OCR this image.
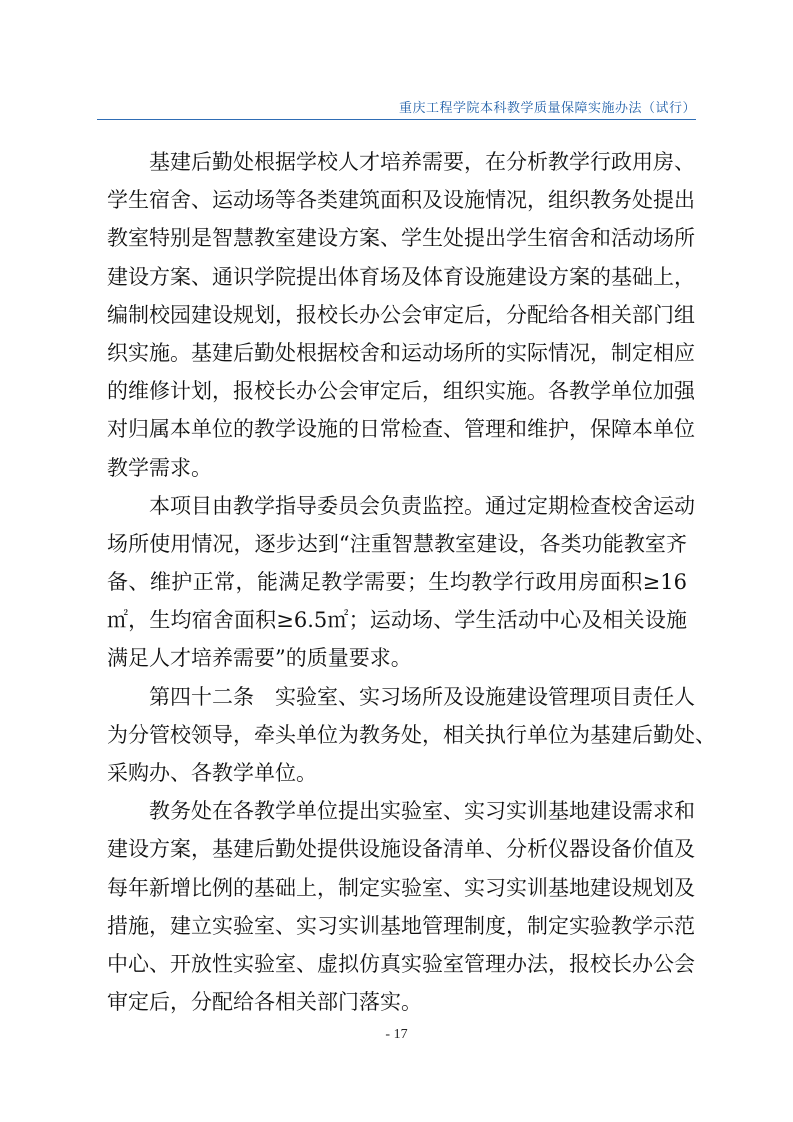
重庆工程学院本科教学质量保障实施办法（试行）
基建后勤处根据学校人才培养需要，在分析教学行政用房、
学生宿舍、运动场等各类建筑面积及设施情况，组织教务处提出
教室特别是智慧教室建设方案、学生处提出学生宿舍和活动场所
建设方案、通识学院提出体育场及体育设施建设方案的基础上，
编制校园建设规划，报校长办公会审定后，分配给各相关部门组
织实施。基建后勤处根据校舍和运动场所的实际情况，制定相应
的维修计划，报校长办公会审定后，组织实施。各教学单位加强
对归属本单位的教学设施的日常检查、管理和维护，保障本单位
教学需求。
本项目由教学指导委员会负责监控。通过定期检查校舍运动
场所使用情况，逐步达到“注重智慧教室建设，各类功能教室齐
备、维护正常，能满足教学需要；生均教学行政用房面积≥16
㎡，生均宿舍面积≥6.5㎡；运动场、学生活动中心及相关设施
满足人才培养需要”的质量要求。
第四十二条　实验室、实习场所及设施建设管理项目责任人
为分管校领导，牵头单位为教务处，相关执行单位为基建后勤处、
采购办、各教学单位。
教务处在各教学单位提出实验室、实习实训基地建设需求和
建设方案，基建后勤处提供设施设备清单、分析仪器设备价值及
每年新增比例的基础上，制定实验室、实习实训基地建设规划及
措施，建立实验室、实习实训基地管理制度，制定实验教学示范
中心、开放性实验室、虚拟仿真实验室管理办法，报校长办公会
审定后，分配给各相关部门落实。
- 17
